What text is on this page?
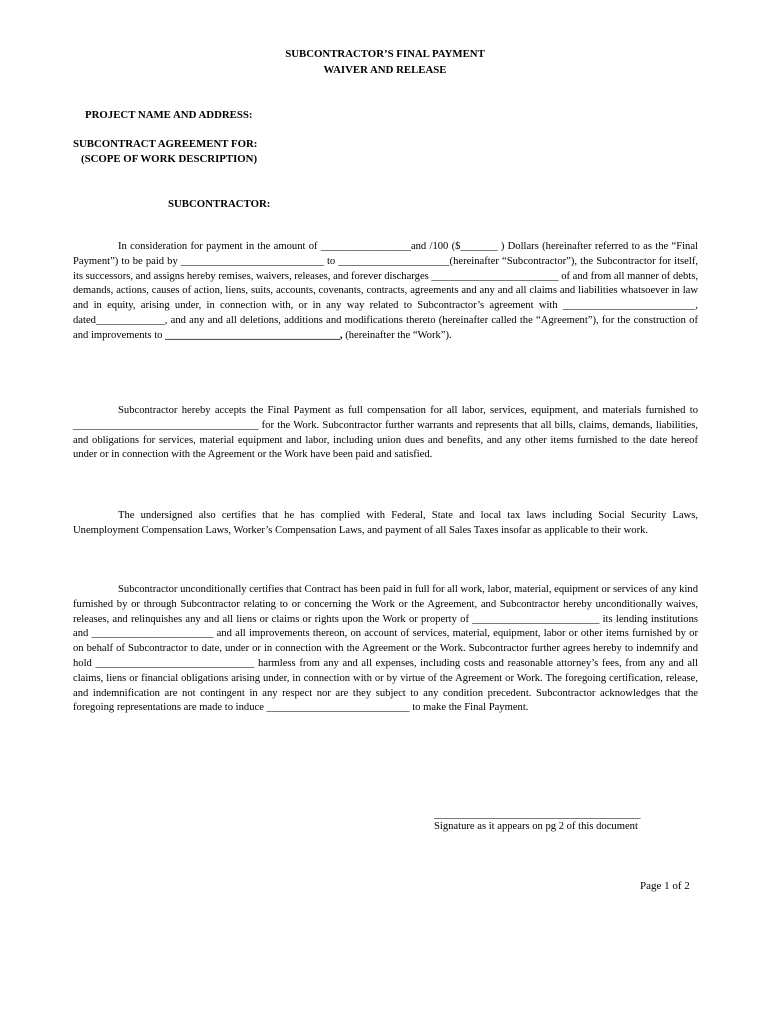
SUBCONTRACTOR’S FINAL PAYMENT
WAIVER AND RELEASE
PROJECT NAME AND ADDRESS:
SUBCONTRACT AGREEMENT FOR:
(SCOPE OF WORK DESCRIPTION)
SUBCONTRACTOR:

In consideration for payment in the amount of _________________and /100 ($_______ ) Dollars (hereinafter referred to as the “Final Payment”) to be paid by ___________________________ to _____________________(hereinafter “Subcontractor”), the Subcontractor for itself, its successors, and assigns hereby remises, waivers, releases, and forever discharges ________________________ of and from all manner of debts, demands, actions, causes of action, liens, suits, accounts, covenants, contracts, agreements and any and all claims and liabilities whatsoever in law and in equity, arising under, in connection with, or in any way related to Subcontractor’s agreement with _________________________, dated_____________, and any and all deletions, additions and modifications thereto (hereinafter called the “Agreement”), for the construction of and improvements to _________________________________, (hereinafter the “Work”).

Subcontractor hereby accepts the Final Payment as full compensation for all labor, services, equipment, and materials furnished to ___________________________________ for the Work. Subcontractor further warrants and represents that all bills, claims, demands, liabilities, and obligations for services, material equipment and labor, including union dues and benefits, and any other items furnished to the date hereof under or in connection with the Agreement or the Work have been paid and satisfied.

The undersigned also certifies that he has complied with Federal, State and local tax laws including Social Security Laws, Unemployment Compensation Laws, Worker’s Compensation Laws, and payment of all Sales Taxes insofar as applicable to their work.

Subcontractor unconditionally certifies that Contract has been paid in full for all work, labor, material, equipment or services of any kind furnished by or through Subcontractor relating to or concerning the Work or the Agreement, and Subcontractor hereby unconditionally waives, releases, and relinquishes any and all liens or claims or rights upon the Work or property of ________________________ its lending institutions and _______________________ and all improvements thereon, on account of services, material, equipment, labor or other items furnished by or on behalf of Subcontractor to date, under or in connection with the Agreement or the Work. Subcontractor further agrees hereby to indemnify and hold ______________________________ harmless from any and all expenses, including costs and reasonable attorney’s fees, from any and all claims, liens or financial obligations arising under, in connection with or by virtue of the Agreement or Work. The foregoing certification, release, and indemnification are not contingent in any respect nor are they subject to any condition precedent. Subcontractor acknowledges that the foregoing representations are made to induce ___________________________ to make the Final Payment.

_______________________________________
Signature as it appears on pg 2 of this document
Page 1 of 2
